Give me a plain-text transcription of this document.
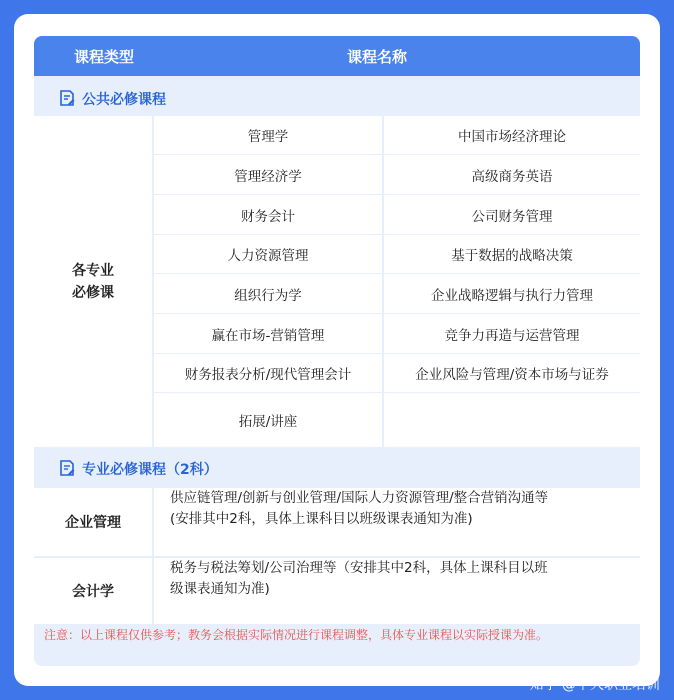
课程类型	课程名称
公共必修课程
各专业
必修课
管理学	中国市场经济理论
管理经济学	高级商务英语
财务会计	公司财务管理
人力资源管理	基于数据的战略决策
组织行为学	企业战略逻辑与执行力管理
赢在市场-营销管理	竞争力再造与运营管理
财务报表分析/现代管理会计	企业风险与管理/资本市场与证券
拓展/讲座
专业必修课程（2科）
企业管理
供应链管理/创新与创业管理/国际人力资源管理/整合营销沟通等
(安排其中2科，具体上课科目以班级课表通知为准)
会计学
税务与税法筹划/公司治理等（安排其中2科，具体上课科目以班
级课表通知为准)
注意：以上课程仅供参考；教务会根据实际情况进行课程调整，具体专业课程以实际授课为准。
知乎 @中大职业培训
